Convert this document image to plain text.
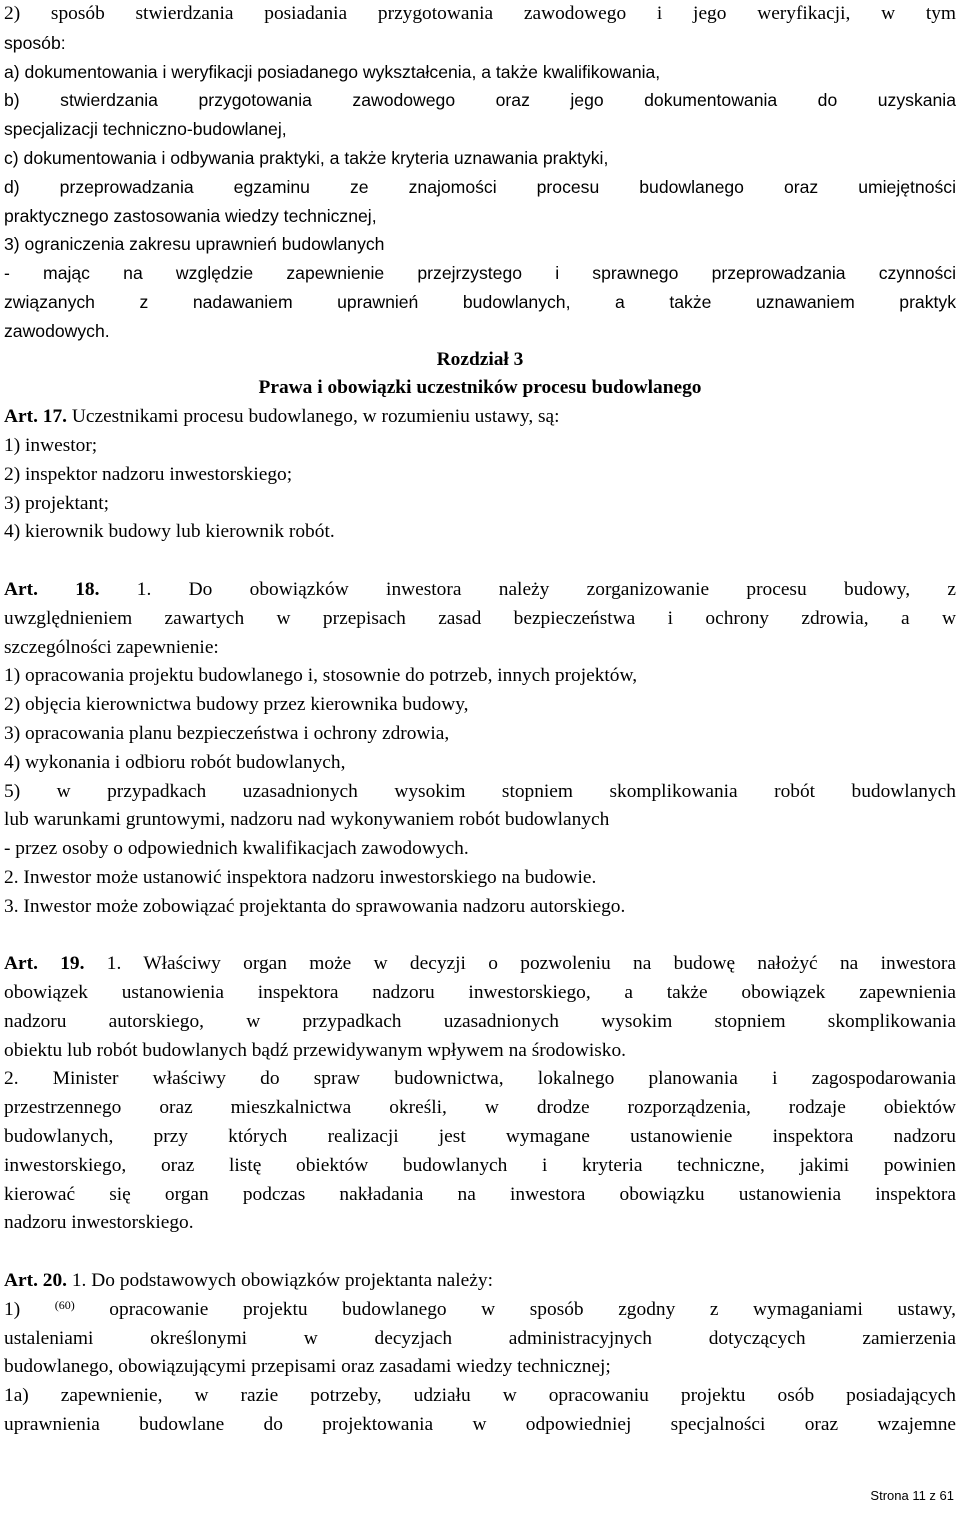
2) sposób stwierdzania posiadania przygotowania zawodowego i jego weryfikacji, w tym
sposób:
a) dokumentowania i weryfikacji posiadanego wykształcenia, a także kwalifikowania,
b) stwierdzania przygotowania zawodowego oraz jego dokumentowania do uzyskania
specjalizacji techniczno-budowlanej,
c) dokumentowania i odbywania praktyki, a także kryteria uznawania praktyki,
d) przeprowadzania egzaminu ze znajomości procesu budowlanego oraz umiejętności
praktycznego zastosowania wiedzy technicznej,
3) ograniczenia zakresu uprawnień budowlanych
- mając na względzie zapewnienie przejrzystego i sprawnego przeprowadzania czynności
związanych z nadawaniem uprawnień budowlanych, a także uznawaniem praktyk
zawodowych.
Rozdział 3
Prawa i obowiązki uczestników procesu budowlanego
Art. 17. Uczestnikami procesu budowlanego, w rozumieniu ustawy, są:
1) inwestor;
2) inspektor nadzoru inwestorskiego;
3) projektant;
4) kierownik budowy lub kierownik robót.
Art. 18. 1. Do obowiązków inwestora należy zorganizowanie procesu budowy, z
uwzględnieniem zawartych w przepisach zasad bezpieczeństwa i ochrony zdrowia, a w
szczególności zapewnienie:
1) opracowania projektu budowlanego i, stosownie do potrzeb, innych projektów,
2) objęcia kierownictwa budowy przez kierownika budowy,
3) opracowania planu bezpieczeństwa i ochrony zdrowia,
4) wykonania i odbioru robót budowlanych,
5) w przypadkach uzasadnionych wysokim stopniem skomplikowania robót budowlanych
lub warunkami gruntowymi, nadzoru nad wykonywaniem robót budowlanych
- przez osoby o odpowiednich kwalifikacjach zawodowych.
2. Inwestor może ustanowić inspektora nadzoru inwestorskiego na budowie.
3. Inwestor może zobowiązać projektanta do sprawowania nadzoru autorskiego.
Art. 19. 1. Właściwy organ może w decyzji o pozwoleniu na budowę nałożyć na inwestora
obowiązek ustanowienia inspektora nadzoru inwestorskiego, a także obowiązek zapewnienia
nadzoru autorskiego, w przypadkach uzasadnionych wysokim stopniem skomplikowania
obiektu lub robót budowlanych bądź przewidywanym wpływem na środowisko.
2. Minister właściwy do spraw budownictwa, lokalnego planowania i zagospodarowania
przestrzennego oraz mieszkalnictwa określi, w drodze rozporządzenia, rodzaje obiektów
budowlanych, przy których realizacji jest wymagane ustanowienie inspektora nadzoru
inwestorskiego, oraz listę obiektów budowlanych i kryteria techniczne, jakimi powinien
kierować się organ podczas nakładania na inwestora obowiązku ustanowienia inspektora
nadzoru inwestorskiego.
Art. 20. 1. Do podstawowych obowiązków projektanta należy:
1)	$^{(60)}$ opracowanie projektu budowlanego w sposób zgodny z wymaganiami ustawy,
ustaleniami określonymi w decyzjach administracyjnych dotyczących zamierzenia
budowlanego, obowiązującymi przepisami oraz zasadami wiedzy technicznej;
1a) zapewnienie, w razie potrzeby, udziału w opracowaniu projektu osób posiadających
uprawnienia budowlane do projektowania w odpowiedniej specjalności oraz wzajemne
Strona 11 z 61
